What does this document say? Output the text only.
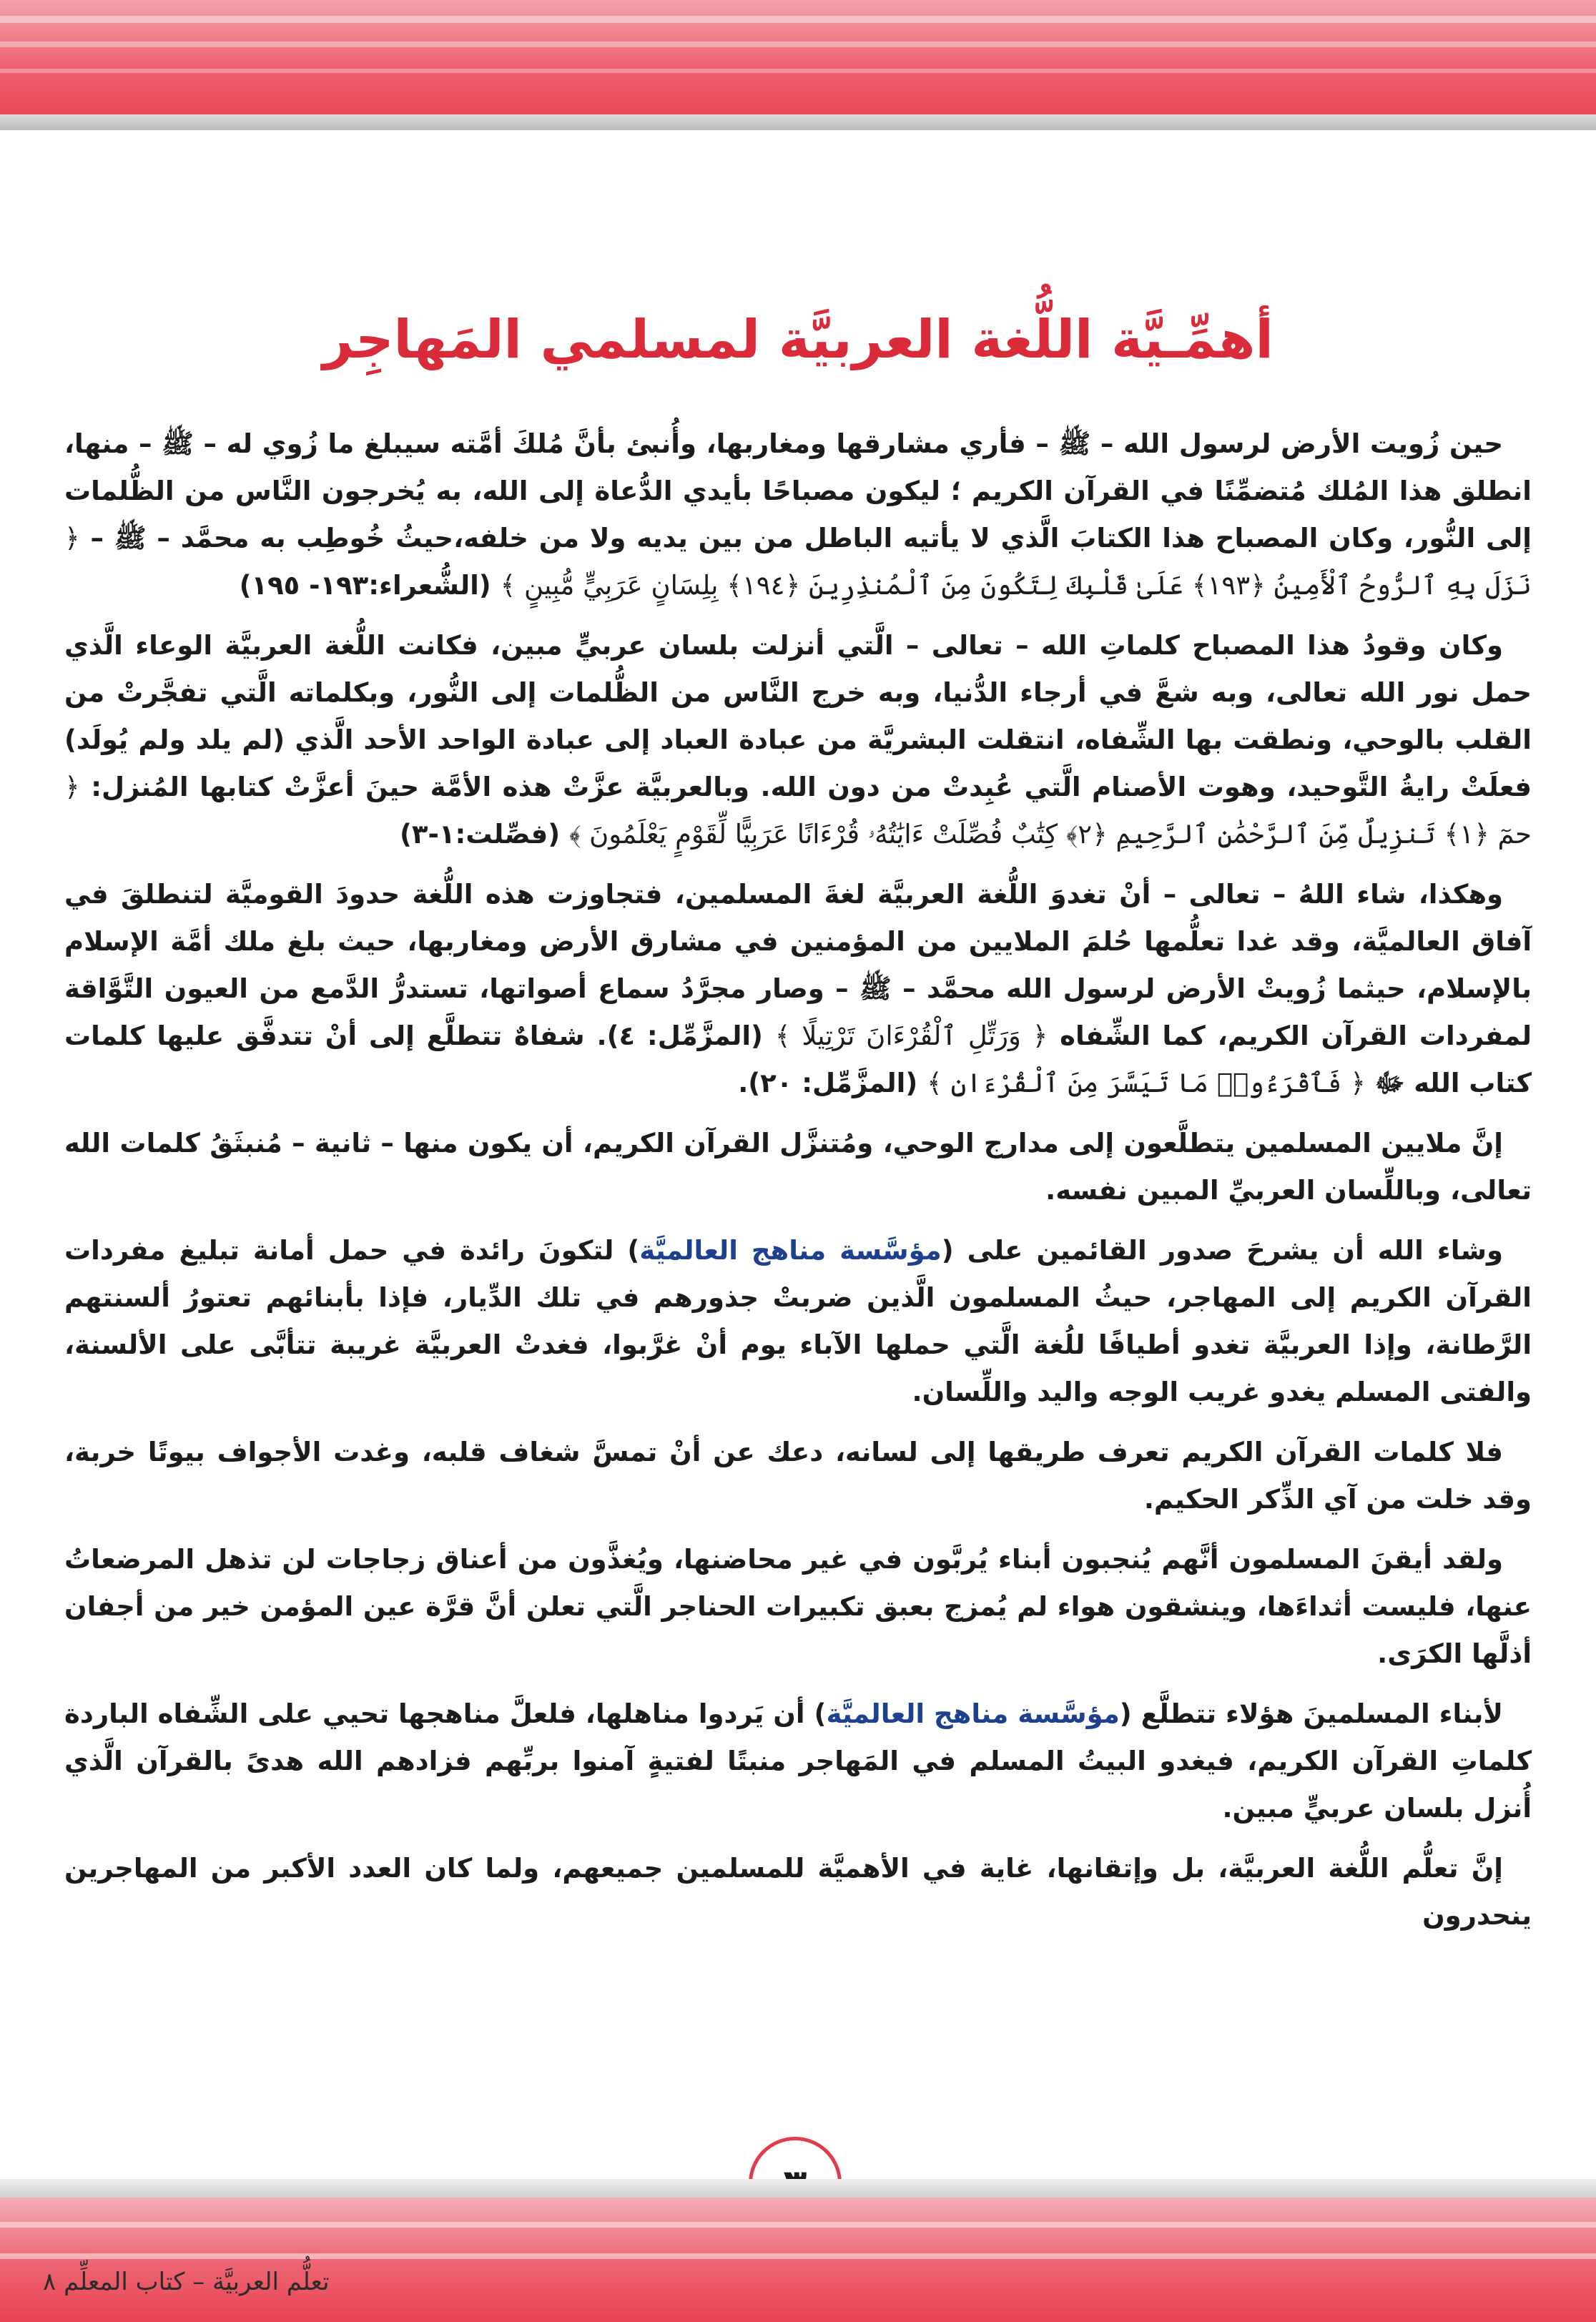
أهمِّـيَّة اللُّغة العربيَّة لمسلمي المَهاجِر

حين زُويت الأرض لرسول الله – ﷺ – فأري مشارقها ومغاربها، وأُنبئ بأنَّ مُلكَ أمَّته سيبلغ ما زُوي له – ﷺ – منها، انطلق هذا المُلك مُتضمِّنًا في القرآن الكريم ؛ ليكون مصباحًا بأيدي الدُّعاة إلى الله، به يُخرجون النَّاس من الظُّلمات إلى النُّور، وكان المصباح هذا الكتابَ الَّذي لا يأتيه الباطل من بين يديه ولا من خلفه،حيثُ خُوطِب به محمَّد – ﷺ – ﴿ نَزَلَ بِهِ ٱلرُّوحُ ٱلْأَمِينُ ﴿١٩٣﴾ عَلَىٰ قَلْبِكَ لِتَكُونَ مِنَ ٱلْمُنذِرِينَ ﴿١٩٤﴾ بِلِسَانٍ عَرَبِيٍّ مُّبِينٍ ﴾ (الشُّعراء:١٩٣- ١٩٥)

وكان وقودُ هذا المصباح كلماتِ الله – تعالى – الَّتي أنزلت بلسان عربيٍّ مبين، فكانت اللُّغة العربيَّة الوعاء الَّذي حمل نور الله تعالى، وبه شعَّ في أرجاء الدُّنيا، وبه خرج النَّاس من الظُّلمات إلى النُّور، وبكلماته الَّتي تفجَّرتْ من القلب بالوحي، ونطقت بها الشِّفاه، انتقلت البشريَّة من عبادة العباد إلى عبادة الواحد الأحد الَّذي (لم يلد ولم يُولَد) فعلَتْ رايةُ التَّوحيد، وهوت الأصنام الَّتي عُبِدتْ من دون الله. وبالعربيَّة عزَّتْ هذه الأمَّة حينَ أعزَّتْ كتابها المُنزل: ﴿ حمٓ ﴿١﴾ تَنزِيلٌ مِّنَ ٱلرَّحْمَٰنِ ٱلرَّحِيمِ ﴿٢﴾ كِتَٰبٌ فُصِّلَتْ ءَايَٰتُهُۥ قُرْءَانًا عَرَبِيًّا لِّقَوْمٍ يَعْلَمُونَ ﴾ (فصِّلت:١-٣)

وهكذا، شاء اللهُ – تعالى – أنْ تغدوَ اللُّغة العربيَّة لغةَ المسلمين، فتجاوزت هذه اللُّغة حدودَ القوميَّة لتنطلقَ في آفاق العالميَّة، وقد غدا تعلُّمها حُلمَ الملايين من المؤمنين في مشارق الأرض ومغاربها، حيث بلغ ملك أمَّة الإسلام بالإسلام، حيثما زُويتْ الأرض لرسول الله محمَّد – ﷺ – وصار مجرَّدُ سماع أصواتها، تستدرُّ الدَّمع من العيون التَّوَّاقة لمفردات القرآن الكريم، كما الشِّفاه ﴿ وَرَتِّلِ ٱلْقُرْءَانَ تَرْتِيلًا ﴾ (المزَّمِّل: ٤). شفاهٌ تتطلَّع إلى أنْ تتدفَّق عليها كلمات كتاب الله ﷻ ﴿ فَٱقْرَءُوا۟ مَا تَيَسَّرَ مِنَ ٱلْقُرْءَانِ ﴾ (المزَّمِّل: ٢٠).

إنَّ ملايين المسلمين يتطلَّعون إلى مدارج الوحي، ومُتنزَّل القرآن الكريم، أن يكون منها – ثانية – مُنبثَقُ كلمات الله تعالى، وباللِّسان العربيِّ المبين نفسه.

وشاء الله أن يشرحَ صدور القائمين على (مؤسَّسة مناهج العالميَّة) لتكونَ رائدة في حمل أمانة تبليغ مفردات القرآن الكريم إلى المهاجر، حيثُ المسلمون الَّذين ضربتْ جذورهم في تلك الدِّيار، فإذا بأبنائهم تعتورُ ألسنتهم الرَّطانة، وإذا العربيَّة تغدو أطيافًا للُغة الَّتي حملها الآباء يوم أنْ غرَّبوا، فغدتْ العربيَّة غريبة تتأبَّى على الألسنة، والفتى المسلم يغدو غريب الوجه واليد واللِّسان.

فلا كلمات القرآن الكريم تعرف طريقها إلى لسانه، دعك عن أنْ تمسَّ شغاف قلبه، وغدت الأجواف بيوتًا خربة، وقد خلت من آي الذِّكر الحكيم.

ولقد أيقنَ المسلمون أنَّهم يُنجبون أبناء يُربَّون في غير محاضنها، ويُغذَّون من أعناق زجاجات لن تذهل المرضعاتُ عنها، فليست أثداءَها، وينشقون هواء لم يُمزج بعبق تكبيرات الحناجر الَّتي تعلن أنَّ قرَّة عين المؤمن خير من أجفان أذلَّها الكرَى.

لأبناء المسلمينَ هؤلاء تتطلَّع (مؤسَّسة مناهج العالميَّة) أن يَردوا مناهلها، فلعلَّ مناهجها تحيي على الشِّفاه الباردة كلماتِ القرآن الكريم، فيغدو البيتُ المسلم في المَهاجر منبتًا لفتيةٍ آمنوا بربِّهم فزادهم الله هدىً بالقرآن الَّذي أُنزل بلسان عربيٍّ مبين.

إنَّ تعلُّم اللُّغة العربيَّة، بل وإتقانها، غاية في الأهميَّة للمسلمين جميعهم، ولما كان العدد الأكبر من المهاجرين ينحدرون

تعلُّم العربيَّة – كتاب المعلِّم ٨
